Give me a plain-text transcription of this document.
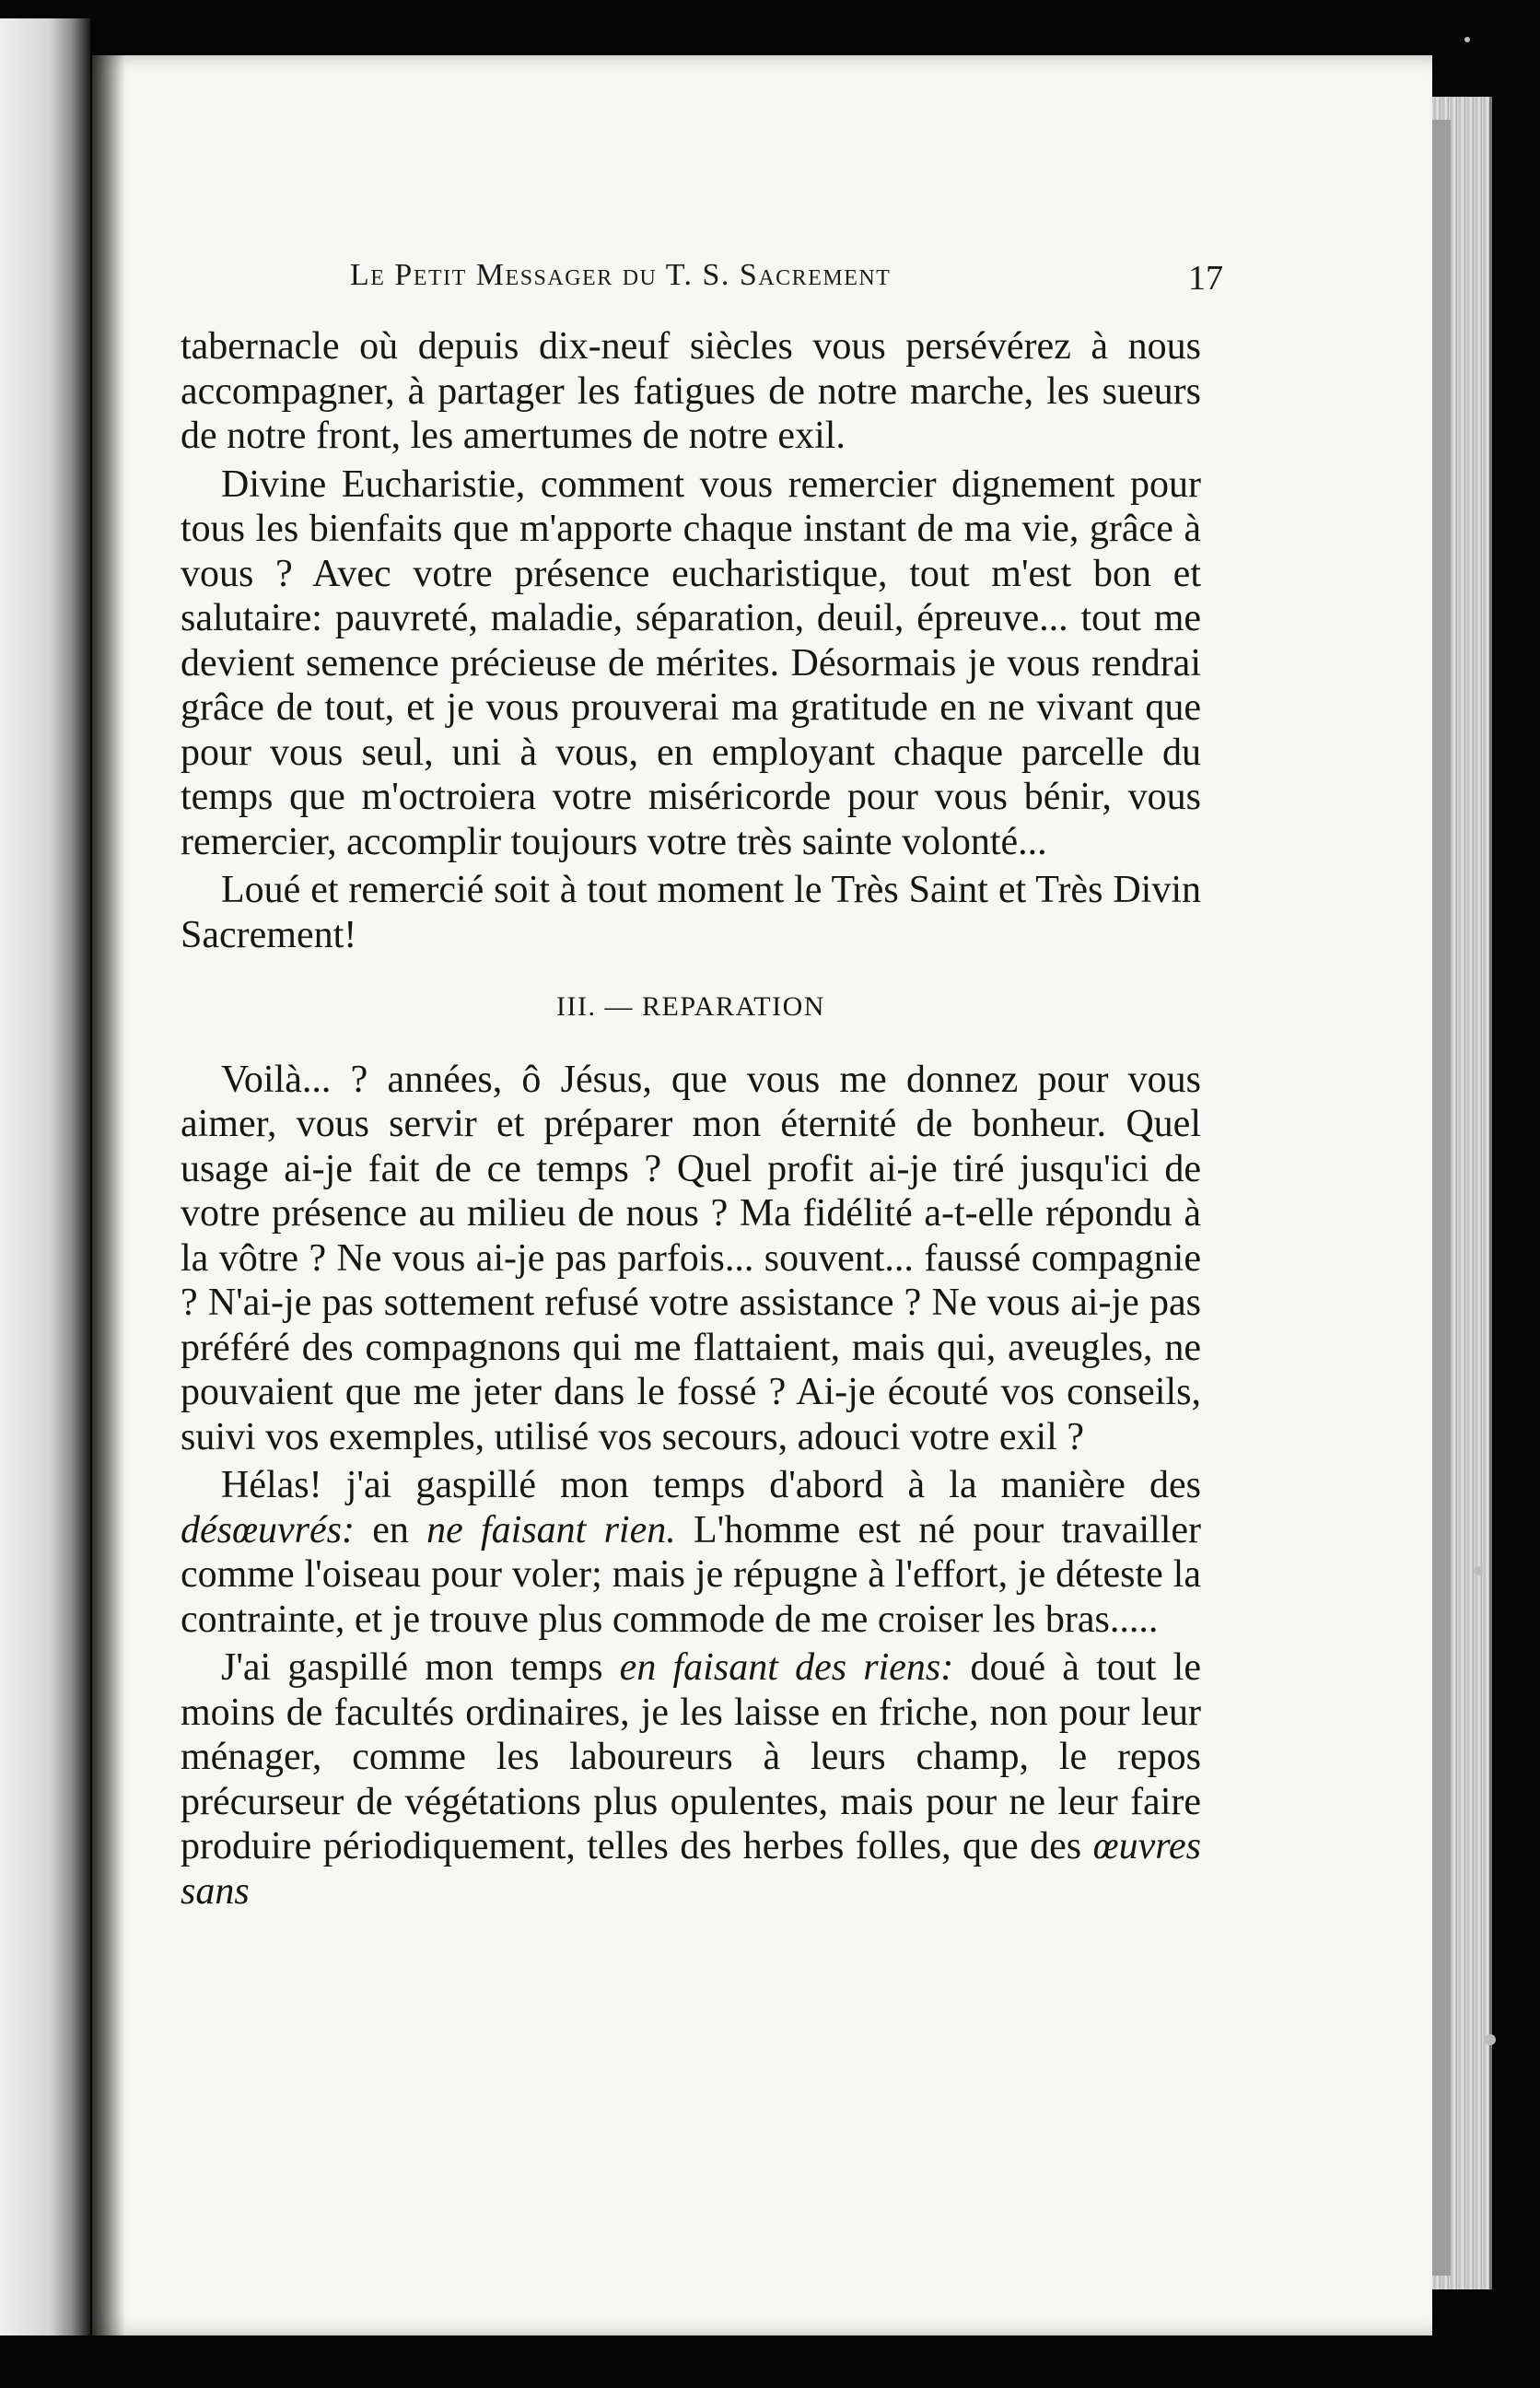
Le Petit Messager du T. S. Sacrement	17

tabernacle où depuis dix-neuf siècles vous persévérez à nous accompagner, à partager les fatigues de notre marche, les sueurs de notre front, les amertumes de notre exil.

Divine Eucharistie, comment vous remercier dignement pour tous les bienfaits que m'apporte chaque instant de ma vie, grâce à vous ? Avec votre présence eucharistique, tout m'est bon et salutaire: pauvreté, maladie, séparation, deuil, épreuve... tout me devient semence précieuse de mérites. Désormais je vous rendrai grâce de tout, et je vous prouverai ma gratitude en ne vivant que pour vous seul, uni à vous, en employant chaque parcelle du temps que m'octroiera votre miséricorde pour vous bénir, vous remercier, accomplir toujours votre très sainte volonté...

Loué et remercié soit à tout moment le Très Saint et Très Divin Sacrement!

III. — REPARATION

Voilà... ? années, ô Jésus, que vous me donnez pour vous aimer, vous servir et préparer mon éternité de bonheur. Quel usage ai-je fait de ce temps ? Quel profit ai-je tiré jusqu'ici de votre présence au milieu de nous ? Ma fidélité a-t-elle répondu à la vôtre ? Ne vous ai-je pas parfois... souvent... faussé compagnie ? N'ai-je pas sottement refusé votre assistance ? Ne vous ai-je pas préféré des compagnons qui me flattaient, mais qui, aveugles, ne pouvaient que me jeter dans le fossé ? Ai-je écouté vos conseils, suivi vos exemples, utilisé vos secours, adouci votre exil ?

Hélas! j'ai gaspillé mon temps d'abord à la manière des désœuvrés: en ne faisant rien. L'homme est né pour travailler comme l'oiseau pour voler; mais je répugne à l'effort, je déteste la contrainte, et je trouve plus commode de me croiser les bras.....

J'ai gaspillé mon temps en faisant des riens: doué à tout le moins de facultés ordinaires, je les laisse en friche, non pour leur ménager, comme les laboureurs à leurs champ, le repos précurseur de végétations plus opulentes, mais pour ne leur faire produire périodiquement, telles des herbes folles, que des œuvres sans
